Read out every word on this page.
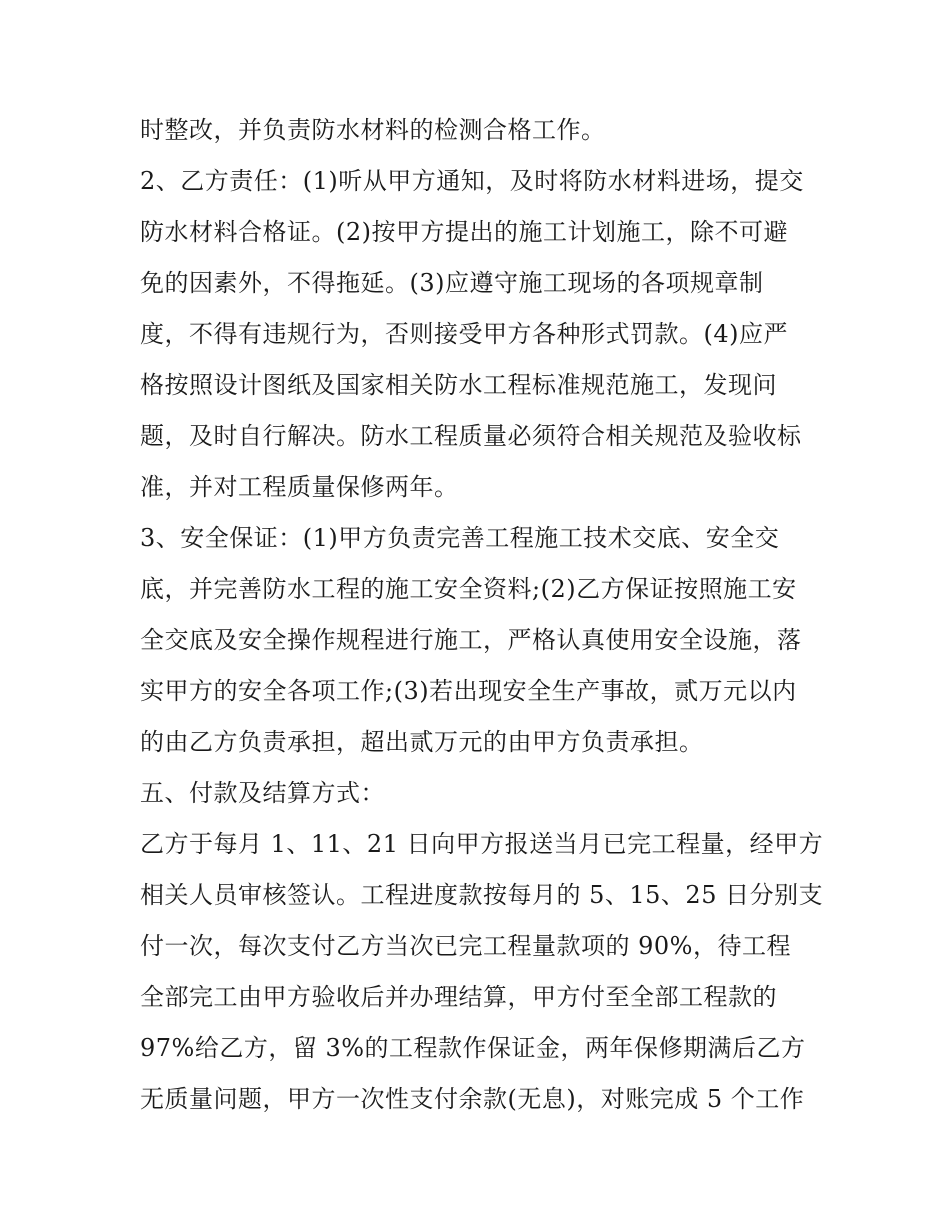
时整改，并负责防水材料的检测合格工作。
2、乙方责任：(1)听从甲方通知，及时将防水材料进场，提交
防水材料合格证。(2)按甲方提出的施工计划施工，除不可避
免的因素外，不得拖延。(3)应遵守施工现场的各项规章制
度，不得有违规行为，否则接受甲方各种形式罚款。(4)应严
格按照设计图纸及国家相关防水工程标准规范施工，发现问
题，及时自行解决。防水工程质量必须符合相关规范及验收标
准，并对工程质量保修两年。
3、安全保证：(1)甲方负责完善工程施工技术交底、安全交
底，并完善防水工程的施工安全资料;(2)乙方保证按照施工安
全交底及安全操作规程进行施工，严格认真使用安全设施，落
实甲方的安全各项工作;(3)若出现安全生产事故，贰万元以内
的由乙方负责承担，超出贰万元的由甲方负责承担。
五、付款及结算方式：
乙方于每月 1、11、21 日向甲方报送当月已完工程量，经甲方
相关人员审核签认。工程进度款按每月的 5、15、25 日分别支
付一次，每次支付乙方当次已完工程量款项的 90%，待工程
全部完工由甲方验收后并办理结算，甲方付至全部工程款的
97%给乙方，留 3%的工程款作保证金，两年保修期满后乙方
无质量问题，甲方一次性支付余款(无息)，对账完成 5 个工作
